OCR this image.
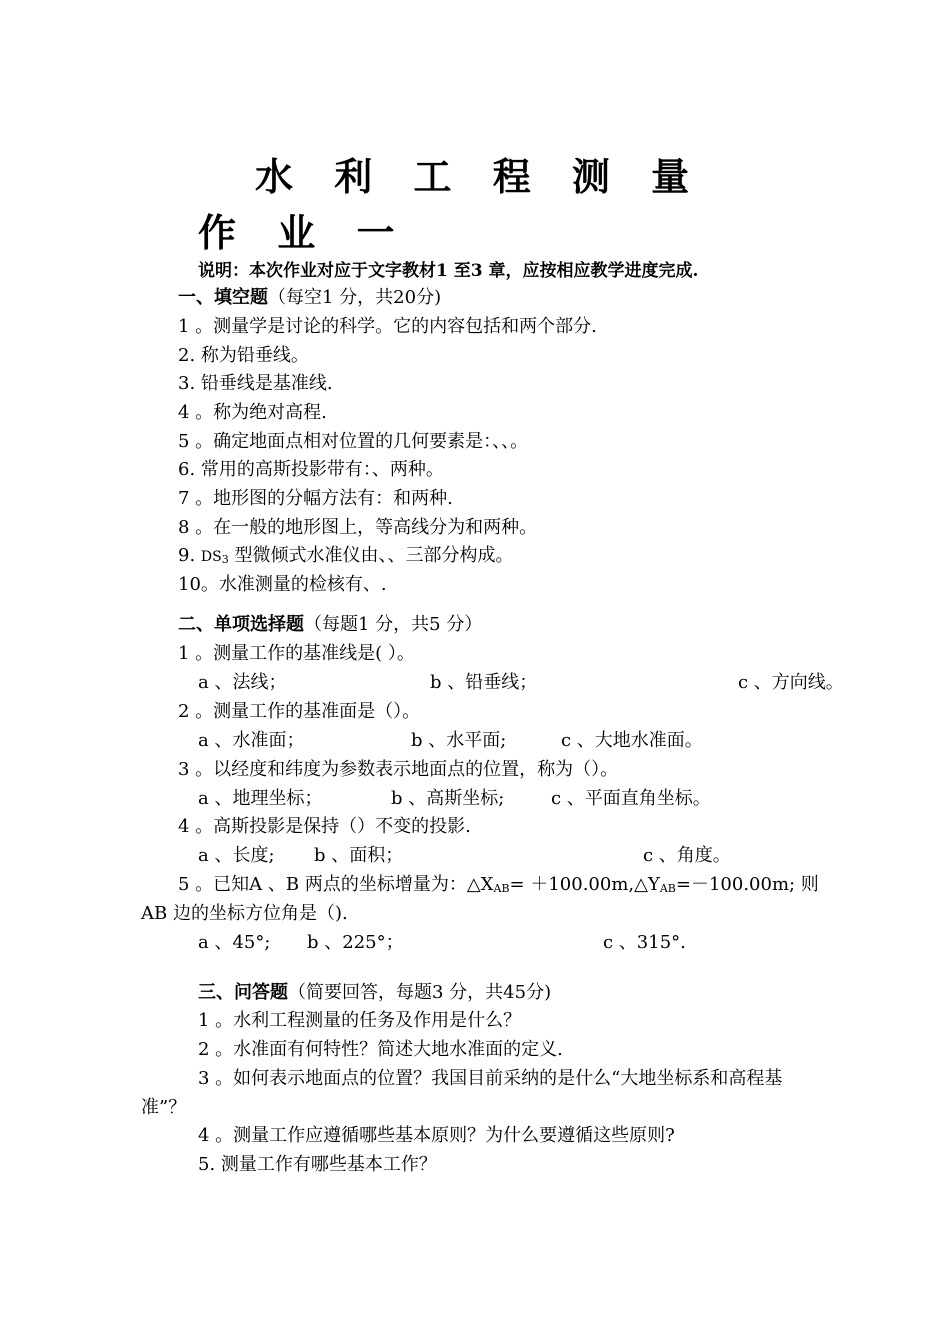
水 利 工 程 测 量
作 业 一
说明：本次作业对应于文字教材1 至3 章，应按相应教学进度完成.
一、填空题（每空1 分，共20分)
1 。测量学是讨论的科学。它的内容包括和两个部分.
2. 称为铅垂线。
3. 铅垂线是基准线.
4 。称为绝对高程.
5 。确定地面点相对位置的几何要素是：、、。
6. 常用的高斯投影带有：、两种。
7 。地形图的分幅方法有：和两种.
8 。在一般的地形图上，等高线分为和两种。
9. $DS_3$ 型微倾式水准仪由、、三部分构成。
10。水准测量的检核有、.
二、单项选择题（每题1 分，共5 分）
1 。测量工作的基准线是( ）。
a 、法线；	b 、铅垂线；	c 、方向线。
2 。测量工作的基准面是（）。
a 、水准面；	b 、水平面;	c 、大地水准面。
3 。以经度和纬度为参数表示地面点的位置，称为（）。
a 、地理坐标；	b 、高斯坐标;	c 、平面直角坐标。
4 。高斯投影是保持（）不变的投影.
a 、长度; b 、面积；	c 、角度。
5 。已知A 、B 两点的坐标增量为：$\triangle X_{AB}=$ $+100.00m,\triangle Y_{AB}=-100.00m$; 则
AB 边的坐标方位角是（).
a 、45°; b 、225°；	c 、315°.
三、问答题（简要回答，每题3 分，共45分)
1 。水利工程测量的任务及作用是什么？
2 。水准面有何特性？简述大地水准面的定义.
3 。如何表示地面点的位置？我国目前采纳的是什么“大地坐标系和高程基
准”？
4 。测量工作应遵循哪些基本原则？为什么要遵循这些原则?
5. 测量工作有哪些基本工作？
